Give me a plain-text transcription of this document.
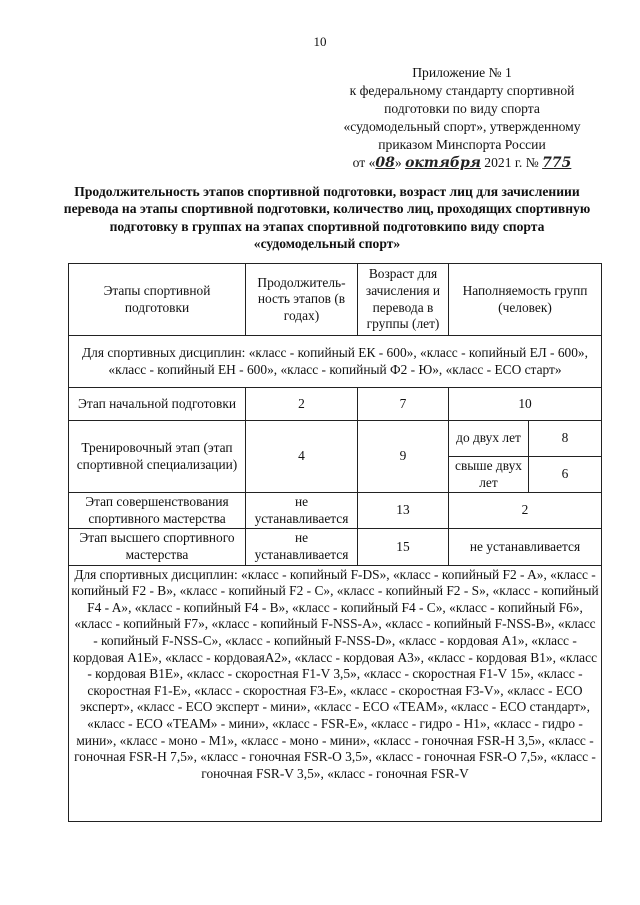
10
Приложение № 1
к федеральному стандарту спортивной
подготовки по виду спорта
«судомодельный спорт», утвержденному
приказом Минспорта России
от «08» октября 2021 г. № 775
Продолжительность этапов спортивной подготовки, возраст лиц для зачислениии перевода на этапы спортивной подготовки, количество лиц, проходящих спортивную подготовку в группах на этапах спортивной подготовкипо виду спорта «судомодельный спорт»
Этапы спортивной подготовки	Продолжитель-ность этапов (в годах)	Возраст для зачисления и перевода в группы (лет)	Наполняемость групп (человек)	
Для спортивных дисциплин: «класс - копийный ЕК - 600», «класс - копийный ЕЛ - 600», «класс - копийный ЕН - 600», «класс - копийный Ф2 - Ю», «класс - ECO старт»				
Этап начальной подготовки	2	7	10	
Тренировочный этап (этап спортивной специализации)	4	9	до двух лет	8
			свыше двух лет	6
Этап совершенствования спортивного мастерства	не устанавливается	13	2	
Этап высшего спортивного мастерства	не устанавливается	15	не устанавливается	
Для спортивных дисциплин: «класс - копийный F-DS», «класс - копийный F2 - A», «класс - копийный F2 - B», «класс - копийный F2 - C», «класс - копийный F2 - S», «класс - копийный F4 - A», «класс - копийный F4 - B», «класс - копийный F4 - C», «класс - копийный F6», «класс - копийный F7», «класс - копийный F-NSS-A», «класс - копийный F-NSS-B», «класс - копийный F-NSS-C», «класс - копийный F-NSS-D», «класс - кордовая A1», «класс - кордовая A1E», «класс - кордоваяA2», «класс - кордовая A3», «класс - кордовая B1», «класс - кордовая B1E», «класс - скоростная F1-V 3,5», «класс - скоростная F1-V 15», «класс - скоростная F1-E», «класс - скоростная F3-E», «класс - скоростная F3-V», «класс - ECO эксперт», «класс - ECO эксперт - мини», «класс - ECO «TEAM», «класс - ECO стандарт», «класс - ECO «TEAM» - мини», «класс - FSR-E», «класс - гидро - H1», «класс - гидро - мини», «класс - моно - M1», «класс - моно - мини», «класс - гоночная FSR-H 3,5», «класс - гоночная FSR-H 7,5», «класс - гоночная FSR-O 3,5», «класс - гоночная FSR-O 7,5», «класс - гоночная FSR-V 3,5», «класс - гоночная FSR-V				
